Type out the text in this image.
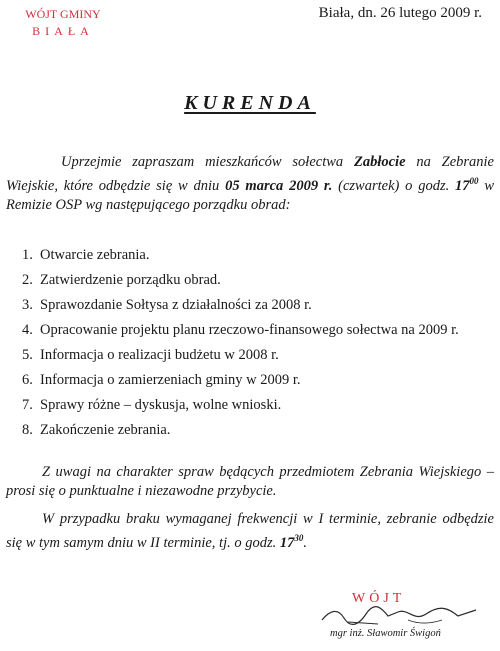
WÓJT GMINY
BIAŁA
Biała, dn. 26 lutego 2009 r.
KURENDA

Uprzejmie zapraszam mieszkańców sołectwa Zabłocie na Zebranie Wiejskie, które odbędzie się w dniu 05 marca 2009 r. (czwartek) o godz. $17^{00}$ w Remizie OSP wg następującego porządku obrad:

1. Otwarcie zebrania.
2. Zatwierdzenie porządku obrad.
3. Sprawozdanie Sołtysa z działalności za 2008 r.
4. Opracowanie projektu planu rzeczowo-finansowego sołectwa na 2009 r.
5. Informacja o realizacji budżetu w 2008 r.
6. Informacja o zamierzeniach gminy w 2009 r.
7. Sprawy różne – dyskusja, wolne wnioski.
8. Zakończenie zebrania.

Z uwagi na charakter spraw będących przedmiotem Zebrania Wiejskiego – prosi się o punktualne i niezawodne przybycie.

W przypadku braku wymaganej frekwencji w I terminie, zebranie odbędzie się w tym samym dniu w II terminie, tj. o godz. $17^{30}$.

WÓJT
mgr inż. Sławomir Świgoń
